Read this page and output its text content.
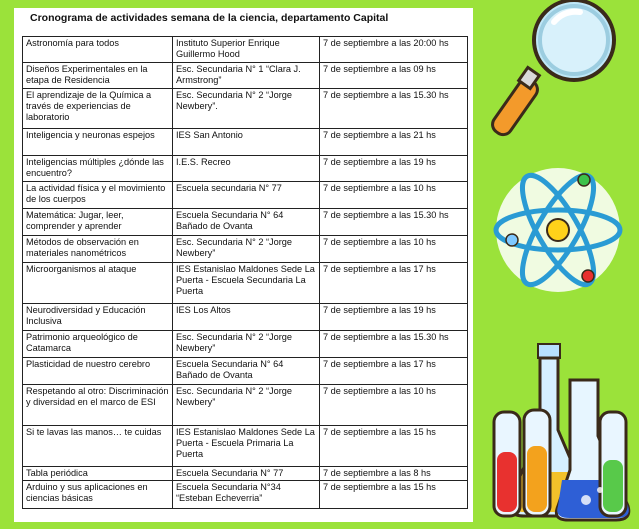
Cronograma de actividades semana de la ciencia, departamento Capital
Astronomía para todos	Instituto Superior Enrique Guillermo Hood	7 de septiembre a las 20:00 hs
Diseños Experimentales en la etapa de Residencia	Esc. Secundaria N° 1 “Clara J. Armstrong”	7 de septiembre a las 09 hs
El aprendizaje de la Química a través de experiencias de laboratorio	Esc. Secundaria N° 2 “Jorge Newbery”.	7 de septiembre a las 15.30 hs
Inteligencia y neuronas espejos	IES San Antonio	7 de septiembre a las 21 hs
Inteligencias múltiples ¿dónde las encuentro?	I.E.S. Recreo	7 de septiembre a las 19 hs
La actividad física y el movimiento de los cuerpos	Escuela secundaria N° 77	7 de septiembre a las 10 hs
Matemática: Jugar, leer, comprender y aprender	Escuela Secundaria N° 64 Bañado de Ovanta	7 de septiembre a las 15.30 hs
Métodos de observación en materiales nanométricos	Esc. Secundaria N° 2 “Jorge Newbery”	7 de septiembre a las 10 hs
Microorganismos al ataque	IES Estanislao Maldones Sede La Puerta - Escuela Secundaria La Puerta	7 de septiembre a las 17 hs
Neurodiversidad y Educación Inclusiva	IES Los Altos	7 de septiembre a las 19 hs
Patrimonio arqueológico de Catamarca	Esc. Secundaria N° 2 “Jorge Newbery”	7 de septiembre a las 15.30 hs
Plasticidad de nuestro cerebro	Escuela Secundaria N° 64 Bañado de Ovanta	7 de septiembre a las 17 hs
Respetando al otro: Discriminación y diversidad en el marco de ESI	Esc. Secundaria N° 2 “Jorge Newbery”	7 de septiembre a las 10 hs
Si te lavas las manos… te cuidas	IES Estanislao Maldones Sede La Puerta - Escuela Primaria La Puerta	7 de septiembre a las 15 hs
Tabla periódica	Escuela Secundaria N° 77	7 de septiembre a las 8 hs
Arduino y sus aplicaciones en ciencias básicas	Escuela Secundaria N°34 “Esteban Echeverria”	7 de septiembre a las 15 hs
